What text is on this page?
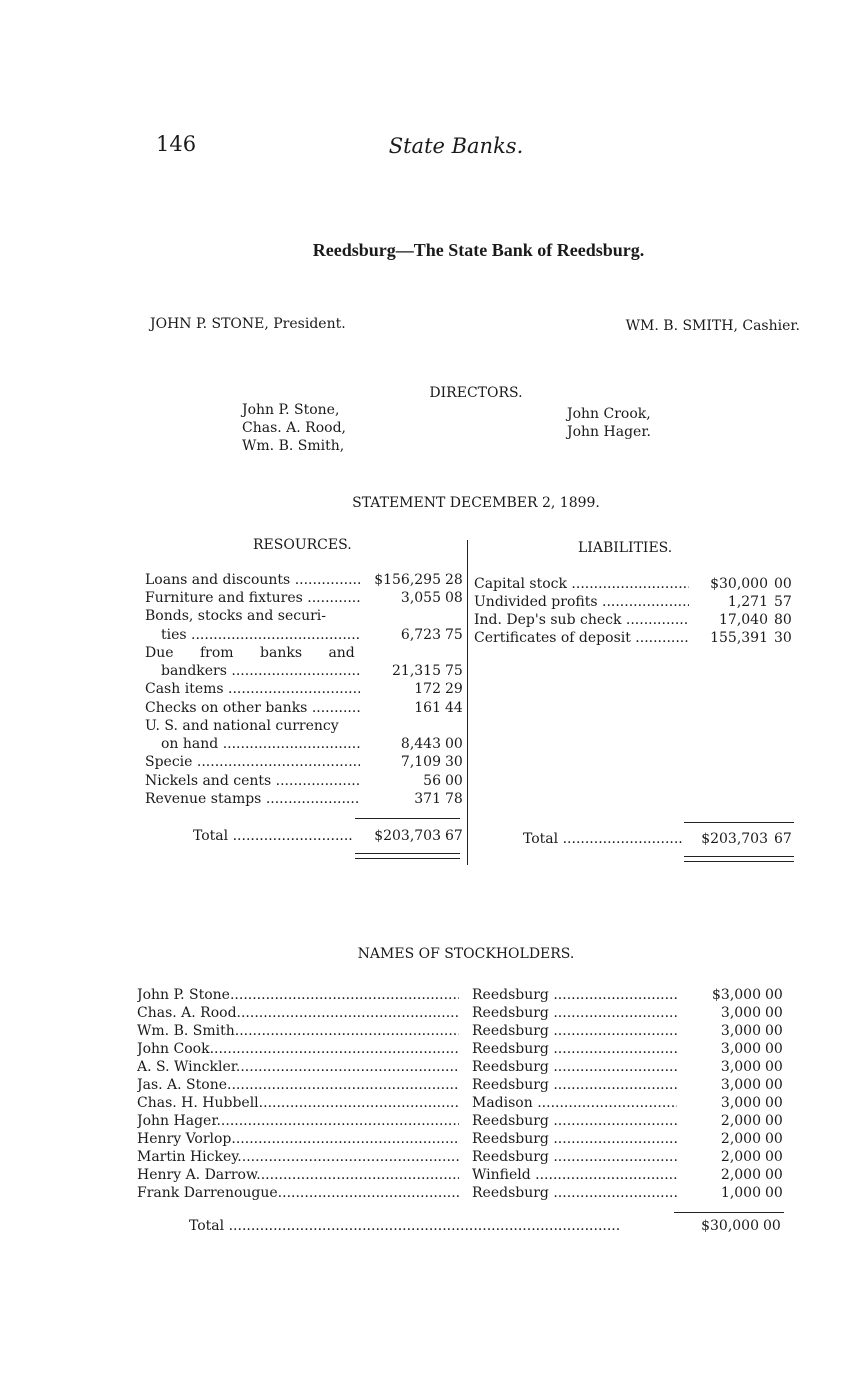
146	State Banks.
Reedsburg—The State Bank of Reedsburg.
JOHN P. STONE, President.	WM. B. SMITH, Cashier.
DIRECTORS.
John P. Stone,
Chas. A. Rood,
Wm. B. Smith,
John Crook,
John Hager.
STATEMENT DECEMBER 2, 1899.
RESOURCES.	LIABILITIES.
Loans and discounts .....	$156,295 28
Furniture and fixtures .....	3,055 08
Bonds, stocks and securi-
ties .....	6,723 75
Due from banks and
bandkers .....	21,315 75
Cash items .....	172 29
Checks on other banks .....	161 44
U. S. and national currency
on hand .....	8,443 00
Specie .....	7,109 30
Nickels and cents .....	56 00
Revenue stamps .....	371 78
Total .....	$203,703 67
Capital stock .....	$30,000 00
Undivided profits .....	1,271 57
Ind. Dep's sub check .....	17,040 80
Certificates of deposit .....	155,391 30
Total .....	$203,703 67
NAMES OF STOCKHOLDERS.
John P. Stone .....	Reedsburg .....	$3,000 00
Chas. A. Rood .....	Reedsburg .....	3,000 00
Wm. B. Smith .....	Reedsburg .....	3,000 00
John Cook .....	Reedsburg .....	3,000 00
A. S. Winckler .....	Reedsburg .....	3,000 00
Jas. A. Stone .....	Reedsburg .....	3,000 00
Chas. H. Hubbell .....	Madison .....	3,000 00
John Hager .....	Reedsburg .....	2,000 00
Henry Vorlop .....	Reedsburg .....	2,000 00
Martin Hickey .....	Reedsburg .....	2,000 00
Henry A. Darrow .....	Winfield .....	2,000 00
Frank Darrenougue .....	Reedsburg .....	1,000 00
Total .....	$30,000 00
